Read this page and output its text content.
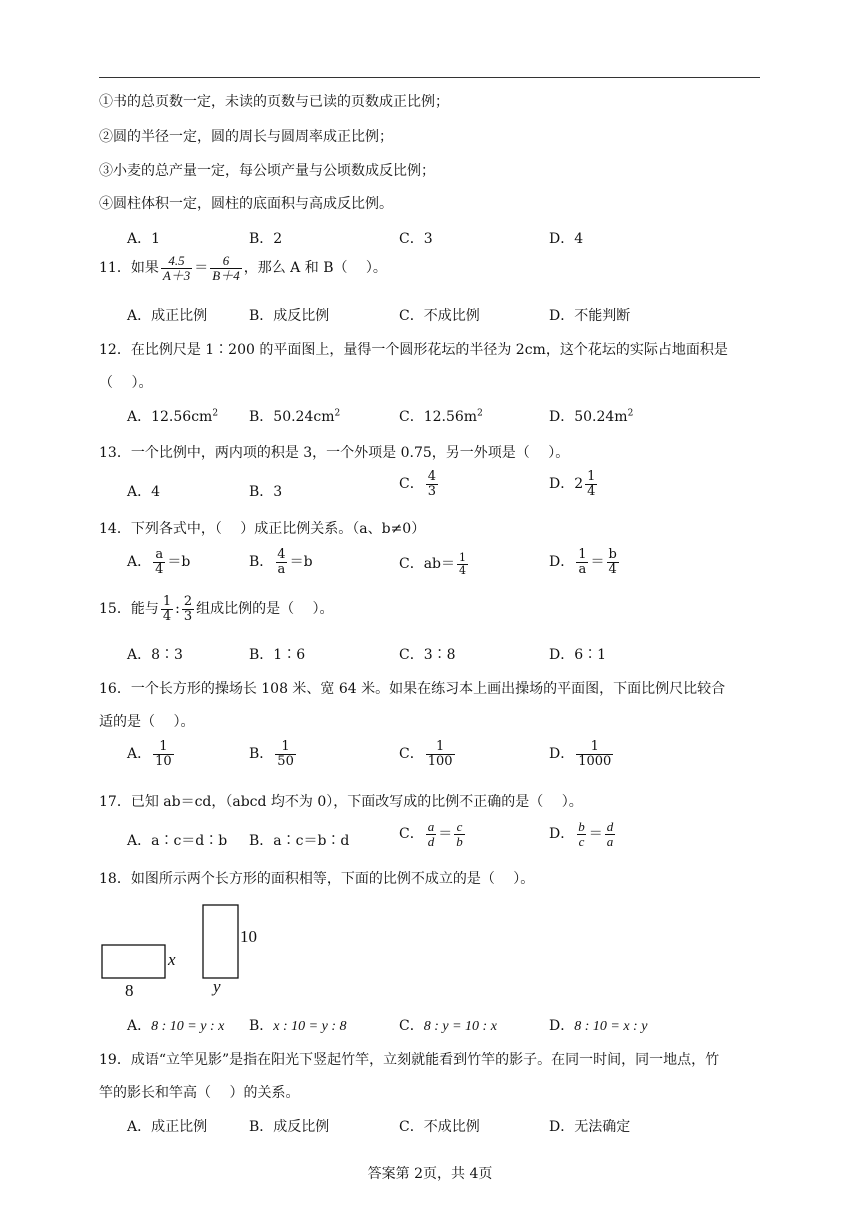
①书的总页数一定，未读的页数与已读的页数成正比例；
②圆的半径一定，圆的周长与圆周率成正比例；
③小麦的总产量一定，每公顷产量与公顷数成反比例；
④圆柱体积一定，圆柱的底面积与高成反比例。
A．1	B．2	C．3	D．4
11．如果 $\frac{4.5}{A+3} = \frac{6}{B+4}$ ，那么 A 和 B（　 ）。
A．成正比例	B．成反比例	C．不成比例	D．不能判断
12．在比例尺是 1∶200 的平面图上，量得一个圆形花坛的半径为 2cm，这个花坛的实际占地面积是
（　 ）。
A．$12.56cm^2$ B．$50.24cm^2$	C．$12.56m^2$	D．$50.24m^2$
13．一个比例中，两内项的积是 3，一个外项是 0.75，另一外项是（　 ）。
A．4	B．3	C． $\frac{4}{3}$	D． $2 \frac{1}{4}$
14．下列各式中，（　 ）成正比例关系。（a、b≠0）
A． $\frac{a}{4} =b$	B． $\frac{4}{a} =b$	C．$ab= \frac{1}{4}$	D． $\frac{1}{a} = \frac{b}{4}$
15．能与 $\frac{1}{4}$ : $\frac{2}{3}$ 组成比例的是（　 ）。
A．8∶3	B．1∶6	C．3∶8	D．6∶1
16．一个长方形的操场长 108 米、宽 64 米。如果在练习本上画出操场的平面图，下面比例尺比较合
适的是（　 ）。
A． $\frac{1}{10}$	B． $\frac{1}{50}$	C． $\frac{1}{100}$	D． $\frac{1}{1000}$
17．已知 ab＝cd，（abcd 均不为 0），下面改写成的比例不正确的是（　 ）。
A．a∶c＝d∶b B．a∶c＝b∶d	C． $\frac{a}{d} = \frac{c}{b}$	D． $\frac{b}{c} = \frac{d}{a}$
18．如图所示两个长方形的面积相等，下面的比例不成立的是（　 ）。
8
x
y
10
A．8 : 10 = y : x B．x : 10 = y : 8	C．8 : y = 10 : x	D．8 : 10 = x : y
19．成语“立竿见影”是指在阳光下竖起竹竿，立刻就能看到竹竿的影子。在同一时间，同一地点，竹
竿的影长和竿高（　 ）的关系。
A．成正比例	B．成反比例	C．不成比例	D．无法确定
答案第 2页，共 4页
